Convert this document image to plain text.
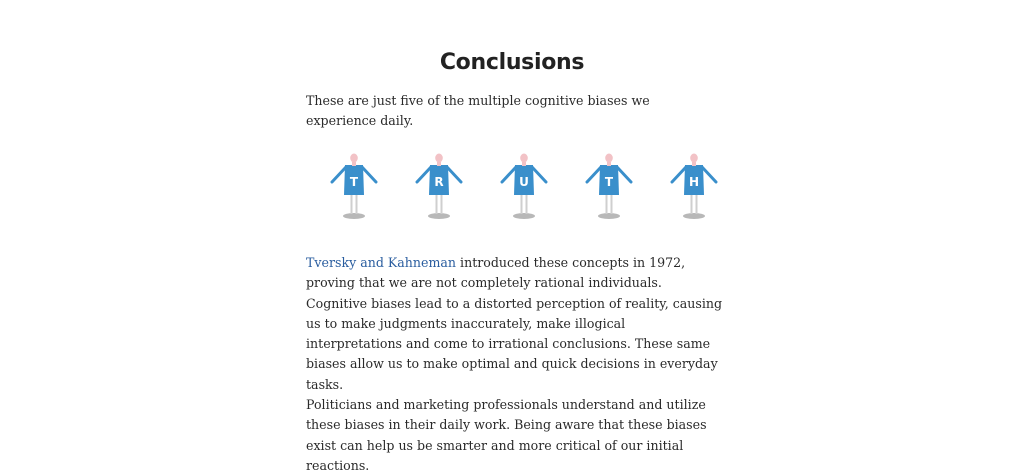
Conclusions

These are just five of the multiple cognitive biases we experience daily.

T	R	U	T	H

Tversky and Kahneman introduced these concepts in 1972, proving that we are not completely rational individuals. Cognitive biases lead to a distorted perception of reality, causing us to make judgments inaccurately, make illogical interpretations and come to irrational conclusions. These same biases allow us to make optimal and quick decisions in everyday tasks.

Politicians and marketing professionals understand and utilize these biases in their daily work. Being aware that these biases exist can help us be smarter and more critical of our initial reactions.
